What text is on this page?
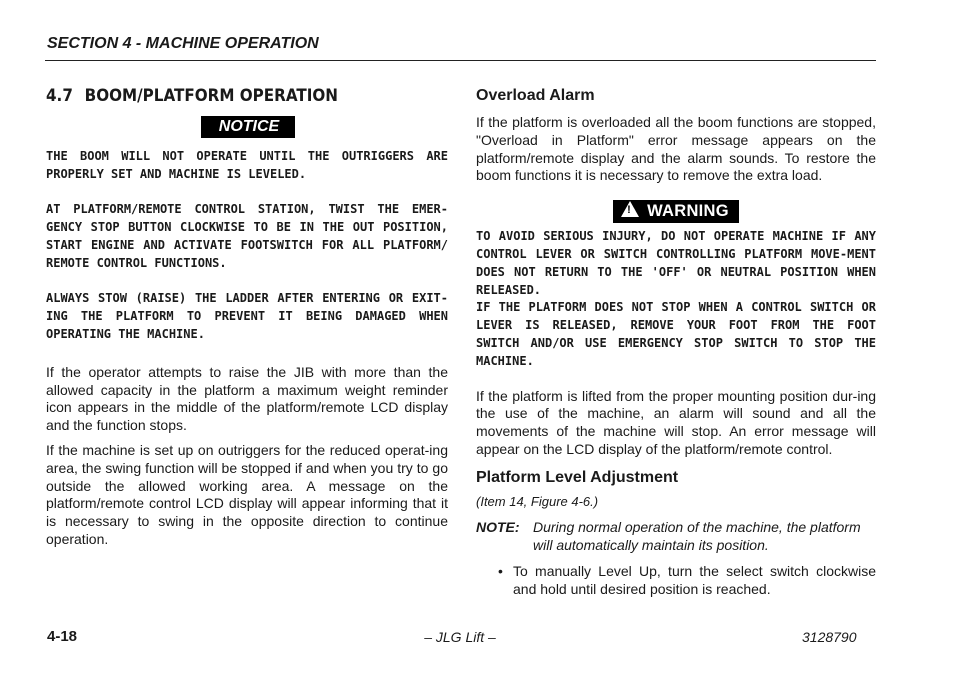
SECTION 4 - MACHINE OPERATION
4.7 BOOM/PLATFORM OPERATION
NOTICE

THE BOOM WILL NOT OPERATE UNTIL THE OUTRIGGERS ARE PROPERLY SET AND MACHINE IS LEVELED.

AT PLATFORM/REMOTE CONTROL STATION, TWIST THE EMER-GENCY STOP BUTTON CLOCKWISE TO BE IN THE OUT POSITION, START ENGINE AND ACTIVATE FOOTSWITCH FOR ALL PLATFORM/ REMOTE CONTROL FUNCTIONS.

ALWAYS STOW (RAISE) THE LADDER AFTER ENTERING OR EXIT-ING THE PLATFORM TO PREVENT IT BEING DAMAGED WHEN OPERATING THE MACHINE.

If the operator attempts to raise the JIB with more than the allowed capacity in the platform a maximum weight reminder icon appears in the middle of the platform/remote LCD display and the function stops.

If the machine is set up on outriggers for the reduced operat-ing area, the swing function will be stopped if and when you try to go outside the allowed working area. A message on the platform/remote control LCD display will appear informing that it is necessary to swing in the opposite direction to continue operation.

Overload Alarm

If the platform is overloaded all the boom functions are stopped, "Overload in Platform" error message appears on the platform/remote display and the alarm sounds. To restore the boom functions it is necessary to remove the extra load.

!WARNING

TO AVOID SERIOUS INJURY, DO NOT OPERATE MACHINE IF ANY CONTROL LEVER OR SWITCH CONTROLLING PLATFORM MOVE-MENT DOES NOT RETURN TO THE 'OFF' OR NEUTRAL POSITION WHEN RELEASED.

IF THE PLATFORM DOES NOT STOP WHEN A CONTROL SWITCH OR LEVER IS RELEASED, REMOVE YOUR FOOT FROM THE FOOT SWITCH AND/OR USE EMERGENCY STOP SWITCH TO STOP THE MACHINE.

If the platform is lifted from the proper mounting position dur-ing the use of the machine, an alarm will sound and all the movements of the machine will stop. An error message will appear on the LCD display of the platform/remote control.

Platform Level Adjustment

(Item 14, Figure 4-6.)

NOTE: During normal operation of the machine, the platform will automatically maintain its position.
• To manually Level Up, turn the select switch clockwise and hold until desired position is reached.
4-18	– JLG Lift –	3128790
